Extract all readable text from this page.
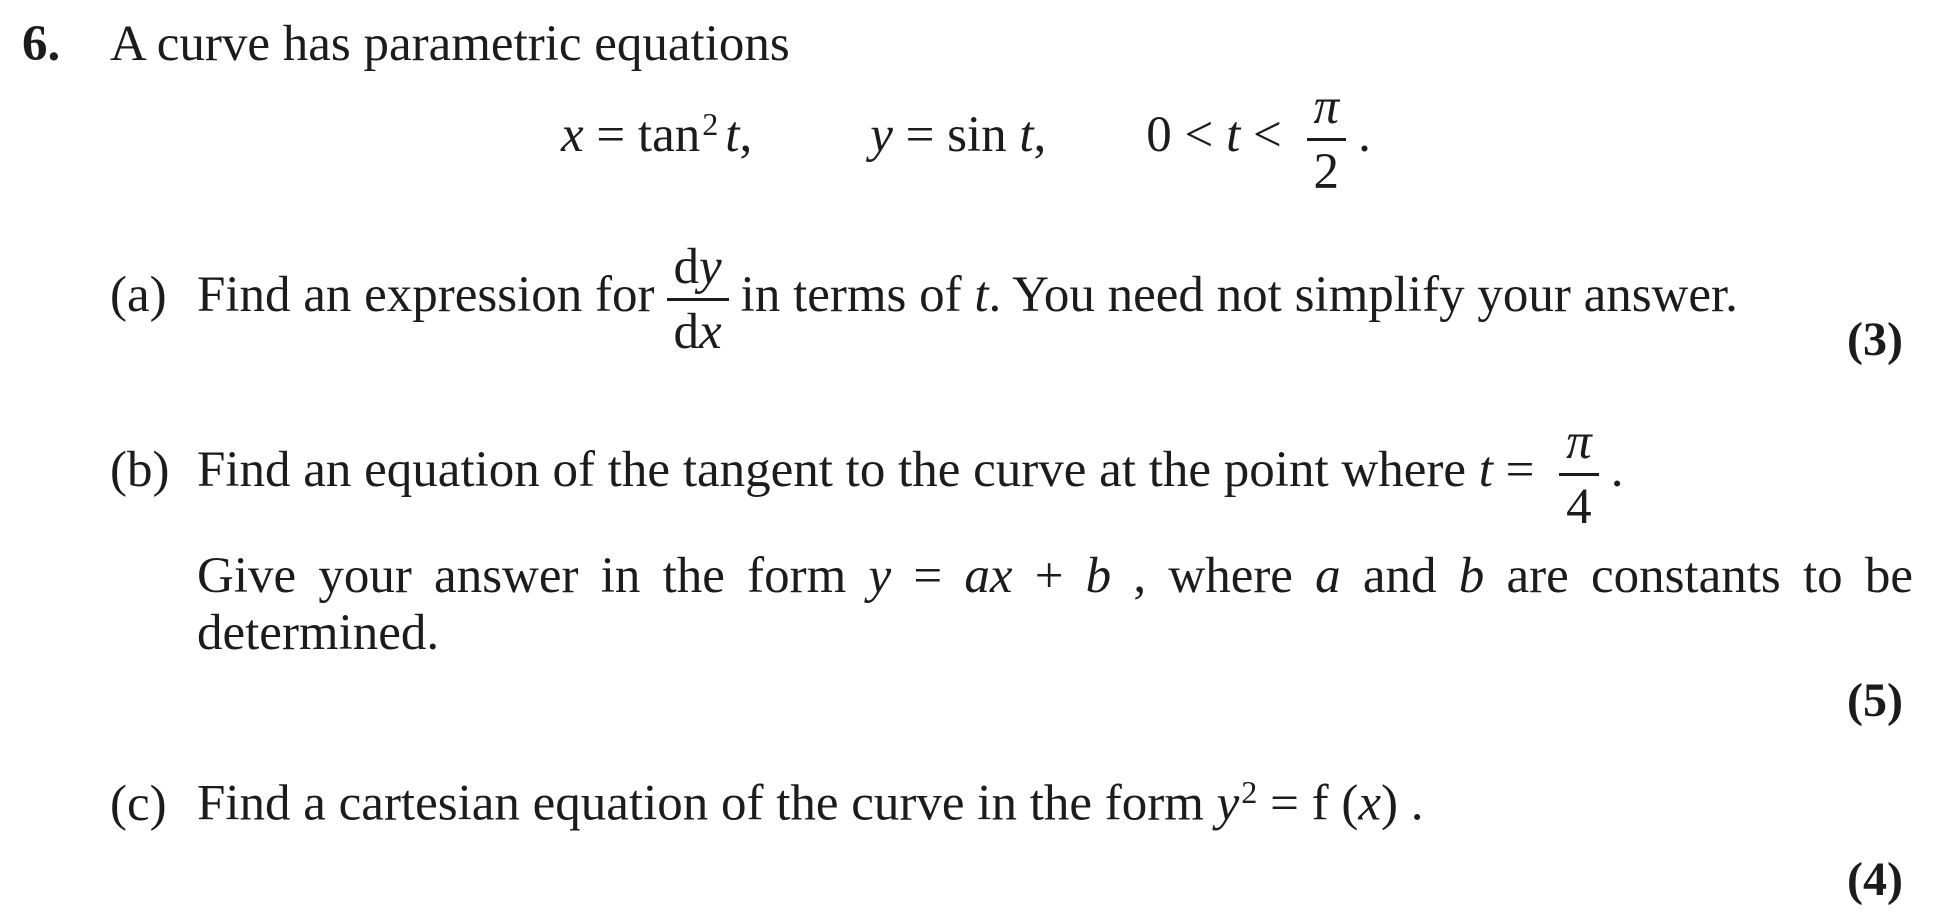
6. A curve has parametric equations
x = tan$^2$ t, y = sin t, $0 < t < \frac{\pi}{2}$ .
(a) Find an expression for $\frac{dy}{dx}$ in terms of t. You need not simplify your answer.
(3)
(b) Find an equation of the tangent to the curve at the point where $t = \frac{\pi}{4}$ .
Give your answer in the form y = ax + b , where a and b are constants to be
determined.
(5)
(c) Find a cartesian equation of the curve in the form $y^2 = f$ (x) .
(4)
